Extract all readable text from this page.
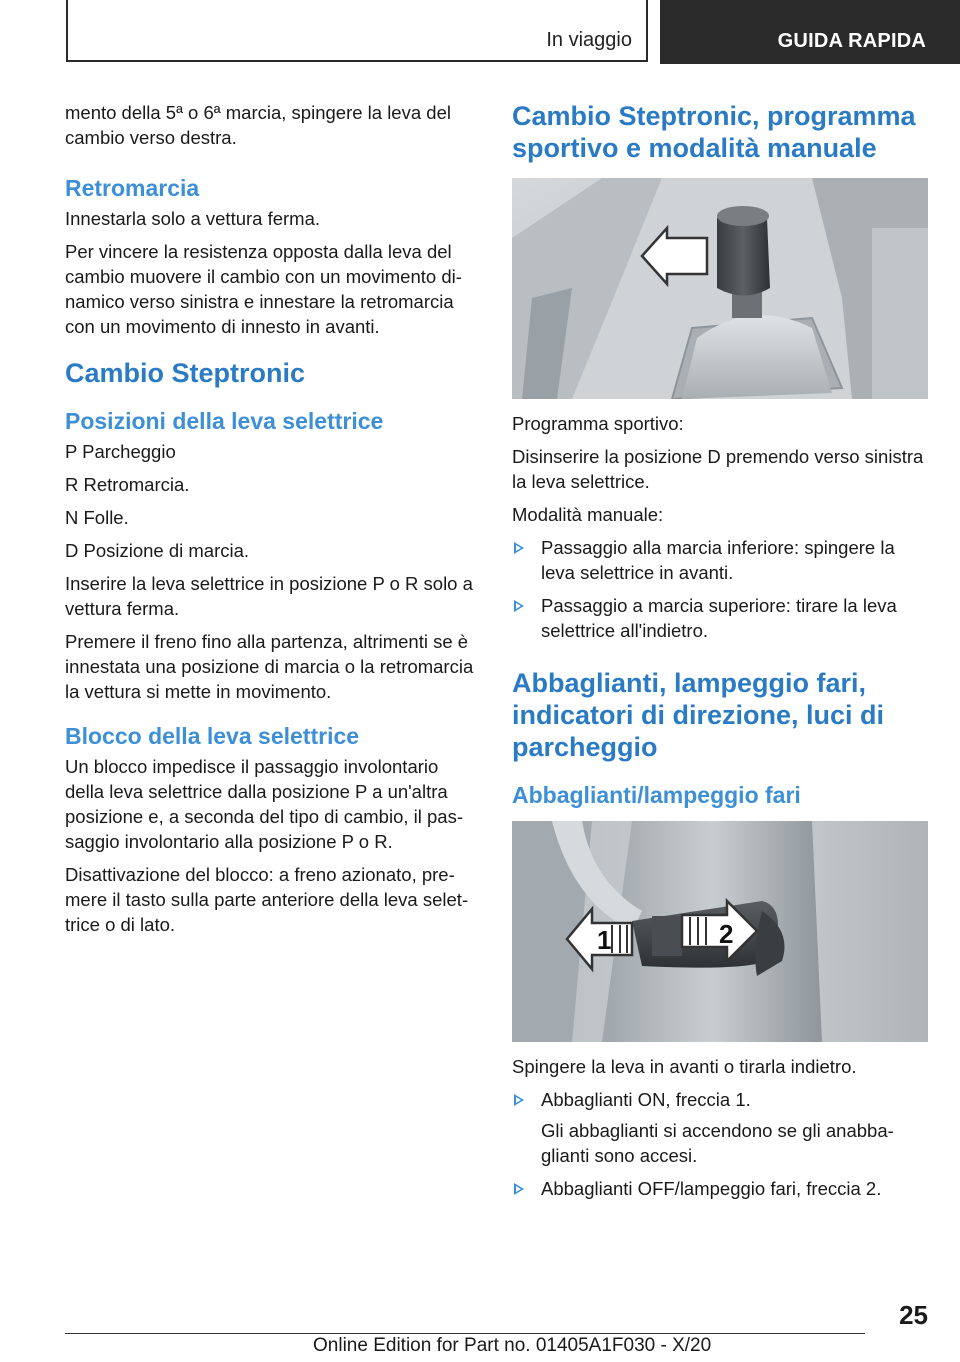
In viaggio	GUIDA RAPIDA

mento della 5ª o 6ª marcia, spingere la leva del cambio verso destra.

Retromarcia

Innestarla solo a vettura ferma.

Per vincere la resistenza opposta dalla leva del cambio muovere il cambio con un movimento dinamico verso sinistra e innestare la retromarcia con un movimento di innesto in avanti.

Cambio Steptronic
Posizioni della leva selettrice

P Parcheggio

R Retromarcia.

N Folle.

D Posizione di marcia.

Inserire la leva selettrice in posizione P o R solo a vettura ferma.

Premere il freno fino alla partenza, altrimenti se è innestata una posizione di marcia o la retromarcia la vettura si mette in movimento.

Blocco della leva selettrice

Un blocco impedisce il passaggio involontario della leva selettrice dalla posizione P a un'altra posizione e, a seconda del tipo di cambio, il passaggio involontario alla posizione P o R.

Disattivazione del blocco: a freno azionato, premere il tasto sulla parte anteriore della leva selettrice o di lato.

Cambio Steptronic, programma sportivo e modalità manuale

Programma sportivo:

Disinserire la posizione D premendo verso sinistra la leva selettrice.

Modalità manuale:

Passaggio alla marcia inferiore: spingere la leva selettrice in avanti.
Passaggio a marcia superiore: tirare la leva selettrice all'indietro.
Abbaglianti, lampeggio fari, indicatori di direzione, luci di parcheggio
Abbaglianti/lampeggio fari
1	2

Spingere la leva in avanti o tirarla indietro.

Abbaglianti ON, freccia 1.
Gli abbaglianti si accendono se gli anabbaglianti sono accesi.
Abbaglianti OFF/lampeggio fari, freccia 2.
25
Online Edition for Part no. 01405A1F030 - X/20
